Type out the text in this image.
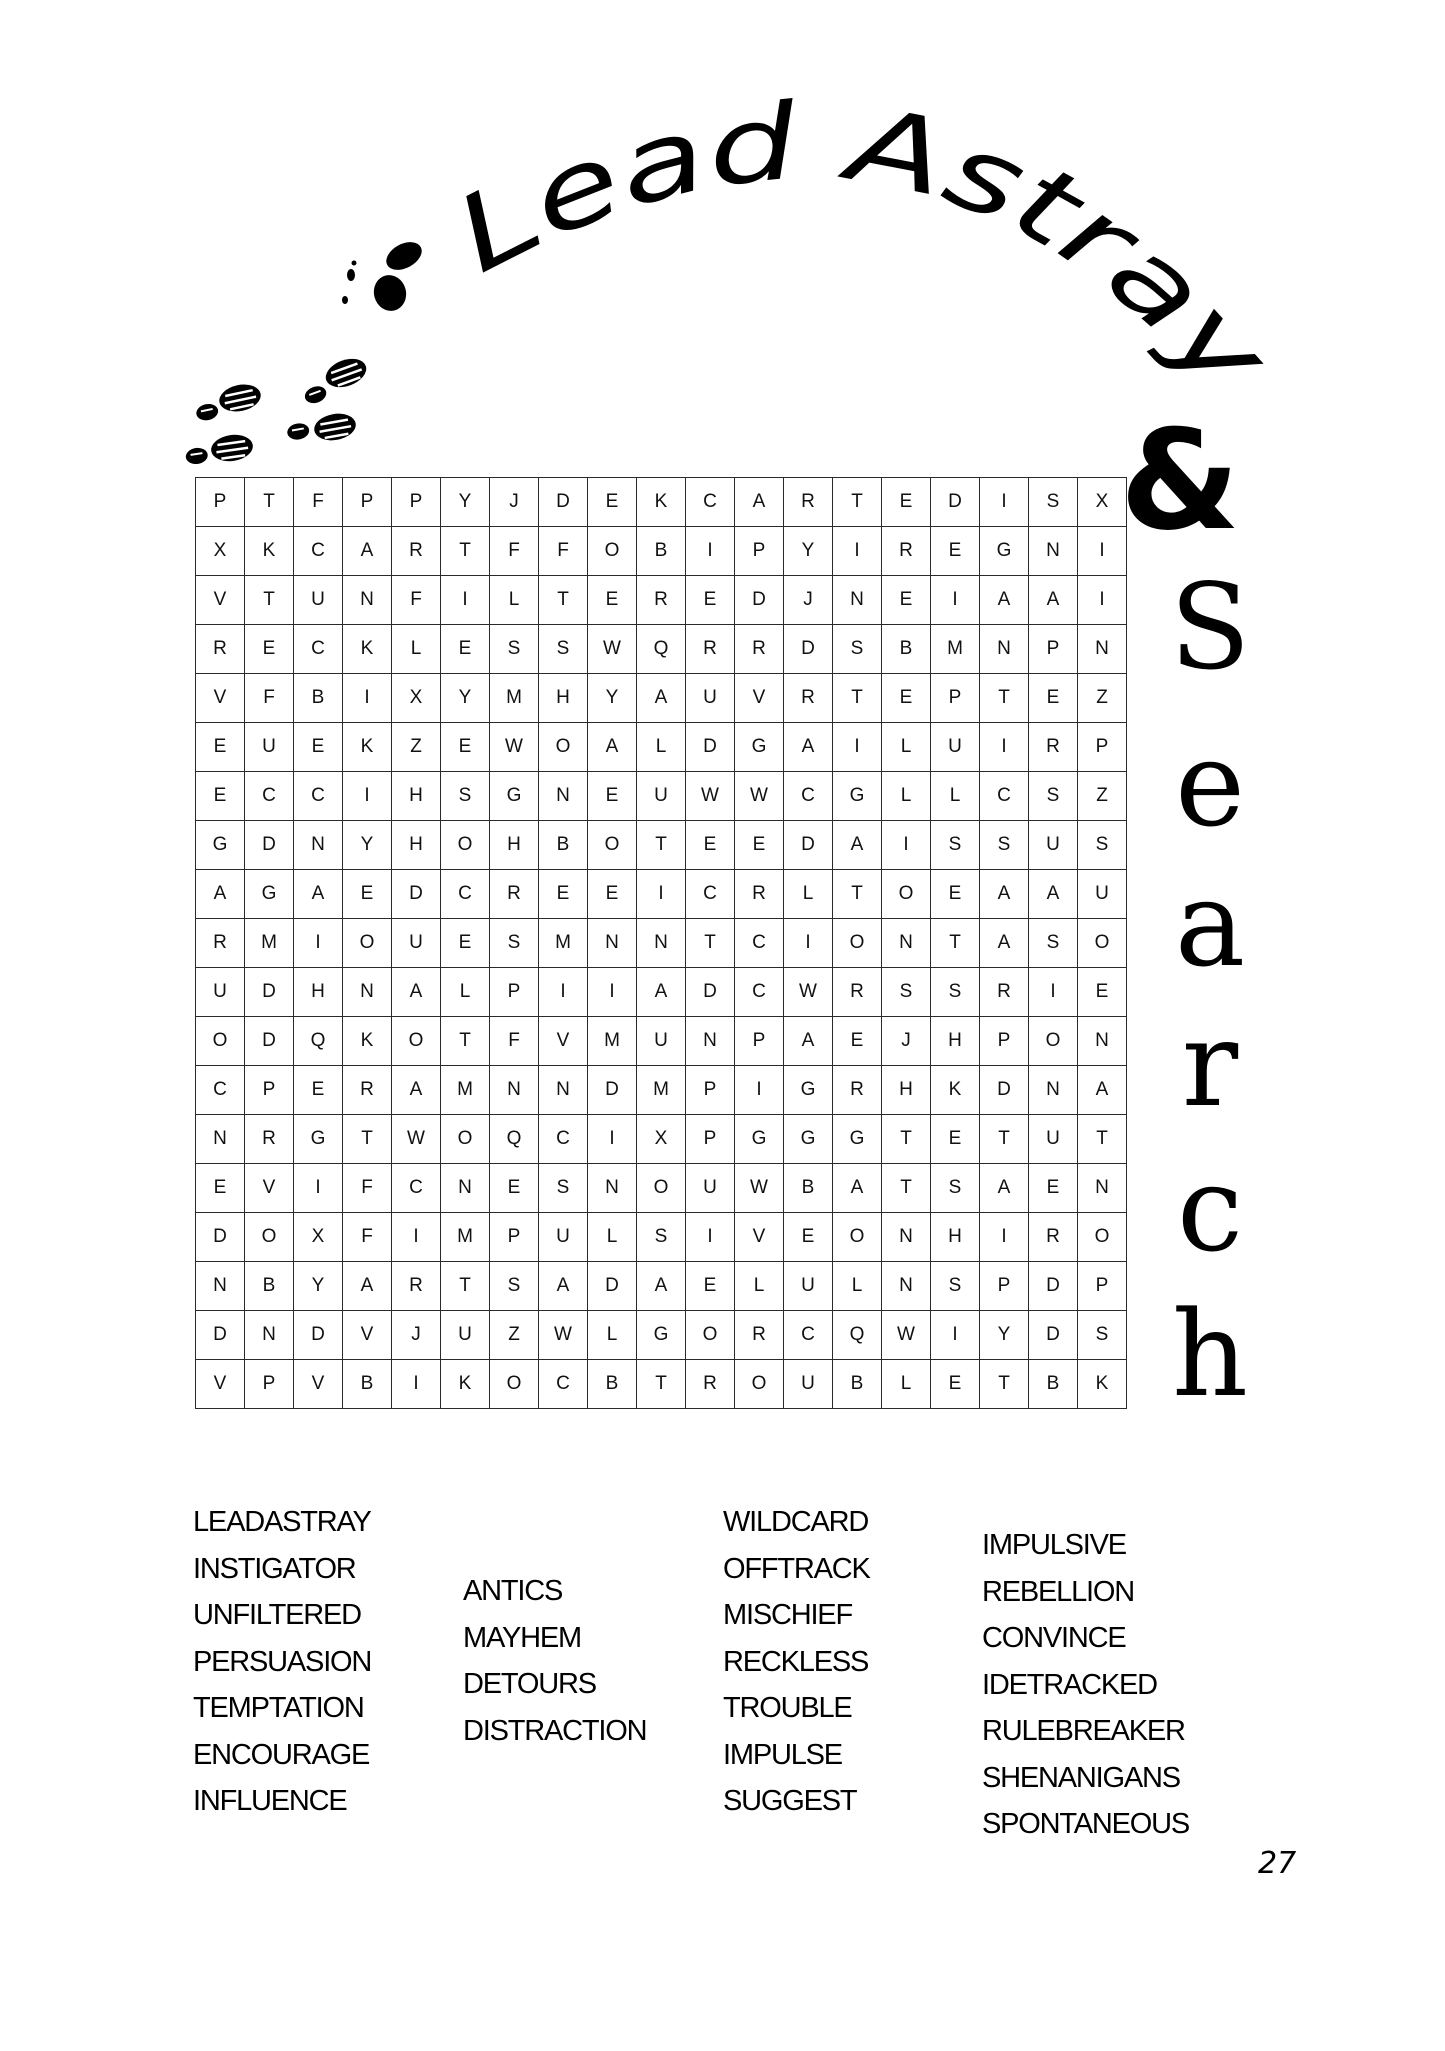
Lead Astray
&
S
e
a
r
c
h
P	T	F	P	P	Y	J	D	E	K	C	A	R	T	E	D	I	S	X
X	K	C	A	R	T	F	F	O	B	I	P	Y	I	R	E	G	N	I
V	T	U	N	F	I	L	T	E	R	E	D	J	N	E	I	A	A	I
R	E	C	K	L	E	S	S	W	Q	R	R	D	S	B	M	N	P	N
V	F	B	I	X	Y	M	H	Y	A	U	V	R	T	E	P	T	E	Z
E	U	E	K	Z	E	W	O	A	L	D	G	A	I	L	U	I	R	P
E	C	C	I	H	S	G	N	E	U	W	W	C	G	L	L	C	S	Z
G	D	N	Y	H	O	H	B	O	T	E	E	D	A	I	S	S	U	S
A	G	A	E	D	C	R	E	E	I	C	R	L	T	O	E	A	A	U
R	M	I	O	U	E	S	M	N	N	T	C	I	O	N	T	A	S	O
U	D	H	N	A	L	P	I	I	A	D	C	W	R	S	S	R	I	E
O	D	Q	K	O	T	F	V	M	U	N	P	A	E	J	H	P	O	N
C	P	E	R	A	M	N	N	D	M	P	I	G	R	H	K	D	N	A
N	R	G	T	W	O	Q	C	I	X	P	G	G	G	T	E	T	U	T
E	V	I	F	C	N	E	S	N	O	U	W	B	A	T	S	A	E	N
D	O	X	F	I	M	P	U	L	S	I	V	E	O	N	H	I	R	O
N	B	Y	A	R	T	S	A	D	A	E	L	U	L	N	S	P	D	P
D	N	D	V	J	U	Z	W	L	G	O	R	C	Q	W	I	Y	D	S
V	P	V	B	I	K	O	C	B	T	R	O	U	B	L	E	T	B	K
LEADASTRAY
INSTIGATOR
UNFILTERED
PERSUASION
TEMPTATION
ENCOURAGE
INFLUENCE
ANTICS
MAYHEM
DETOURS
DISTRACTION
WILDCARD
OFFTRACK
MISCHIEF
RECKLESS
TROUBLE
IMPULSE
SUGGEST
IMPULSIVE
REBELLION
CONVINCE
IDETRACKED
RULEBREAKER
SHENANIGANS
SPONTANEOUS
27
